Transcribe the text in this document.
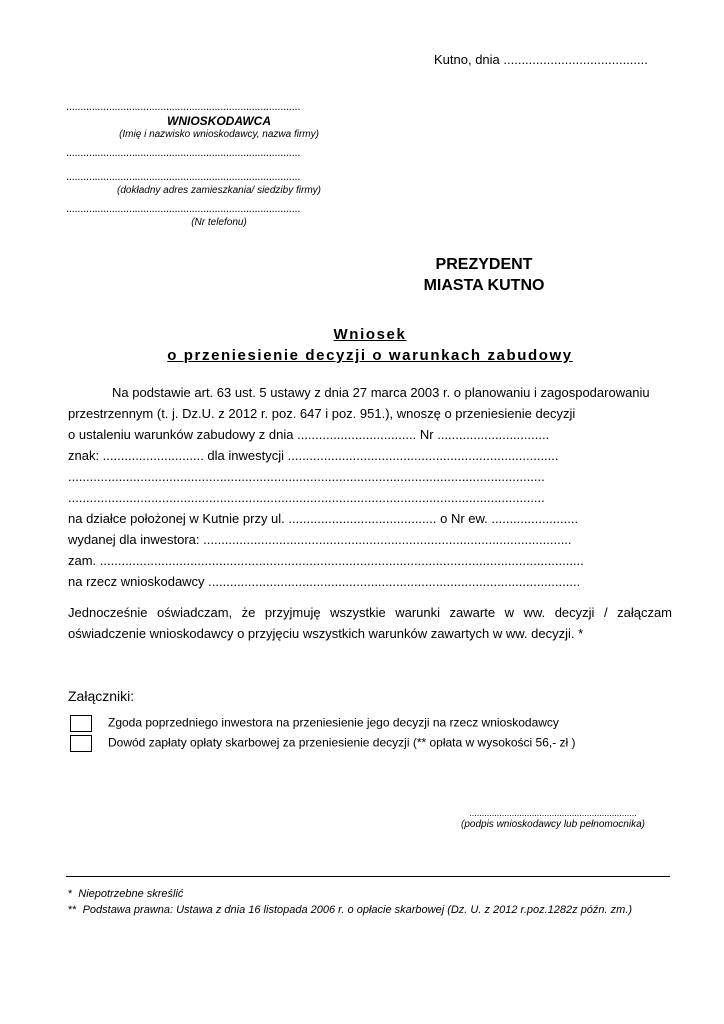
Kutno, dnia ........................................
..................................................................................
WNIOSKODAWCA
(Imię i nazwisko wnioskodawcy, nazwa firmy)
..................................................................................
..................................................................................
(dokładny adres zamieszkania/ siedziby firmy)
..................................................................................
(Nr telefonu)
PREZYDENT
MIASTA KUTNO
Wniosek
o przeniesienie decyzji o warunkach zabudowy
Na podstawie art. 63 ust. 5 ustawy z dnia 27 marca 2003 r. o planowaniu i zagospodarowaniu
przestrzennym (t. j. Dz.U. z 2012 r. poz. 647 i poz. 951.), wnoszę o przeniesienie decyzji
o ustaleniu warunków zabudowy z dnia ................................. Nr ...............................
znak: ............................ dla inwestycji ...........................................................................
....................................................................................................................................
....................................................................................................................................
na działce położonej w Kutnie przy ul. ......................................... o Nr ew. ........................
wydanej dla inwestora: ......................................................................................................
zam. ......................................................................................................................................
na rzecz wnioskodawcy .......................................................................................................
Jednocześnie oświadczam, że przyjmuję wszystkie warunki zawarte w ww. decyzji / załączam oświadczenie wnioskodawcy o przyjęciu wszystkich warunków zawartych w ww. decyzji. *
Załączniki:
Zgoda poprzedniego inwestora na przeniesienie jego decyzji na rzecz wnioskodawcy
Dowód zapłaty opłaty skarbowej za przeniesienie decyzji (** opłata w wysokości 56,- zł )
...................................................................
(podpis wnioskodawcy lub pełnomocnika)
* Niepotrzebne skreślić
** Podstawa prawna: Ustawa z dnia 16 listopada 2006 r. o opłacie skarbowej (Dz. U. z 2012 r.poz.1282z późn. zm.)
